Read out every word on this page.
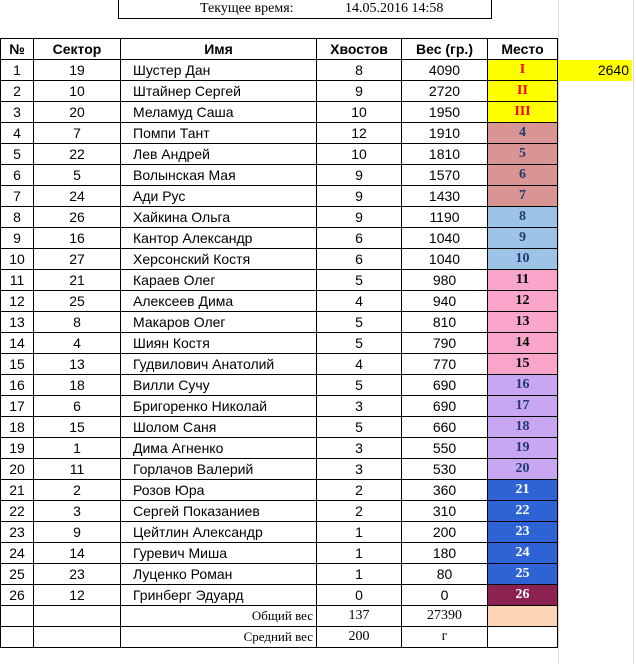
Текущее время:	14.05.2016 14:58
№	Сектор	Имя	Хвостов	Вес (гр.)	Место	
1	19	Шустер Дан	8	4090	I	2640
2	10	Штайнер Сергей	9	2720	II	
3	20	Меламуд Саша	10	1950	III	
4	7	Помпи Тант	12	1910	4	
5	22	Лев Андрей	10	1810	5	
6	5	Волынская Мая	9	1570	6	
7	24	Ади Рус	9	1430	7	
8	26	Хайкина Ольга	9	1190	8	
9	16	Кантор Александр	6	1040	9	
10	27	Херсонский Костя	6	1040	10	
11	21	Караев Олег	5	980	11	
12	25	Алексеев Дима	4	940	12	
13	8	Макаров Олег	5	810	13	
14	4	Шиян Костя	5	790	14	
15	13	Гудвилович Анатолий	4	770	15	
16	18	Вилли Сучу	5	690	16	
17	6	Бригоренко Николай	3	690	17	
18	15	Шолом Саня	5	660	18	
19	1	Дима Агненко	3	550	19	
20	11	Горлачов Валерий	3	530	20	
21	2	Розов Юра	2	360	21	
22	3	Сергей Показаниев	2	310	22	
23	9	Цейтлин Александр	1	200	23	
24	14	Гуревич Миша	1	180	24	
25	23	Луценко Роман	1	80	25	
26	12	Гринберг Эдуард	0	0	26	
		Общий вес	137	27390		
		Средний вес	200	г		
